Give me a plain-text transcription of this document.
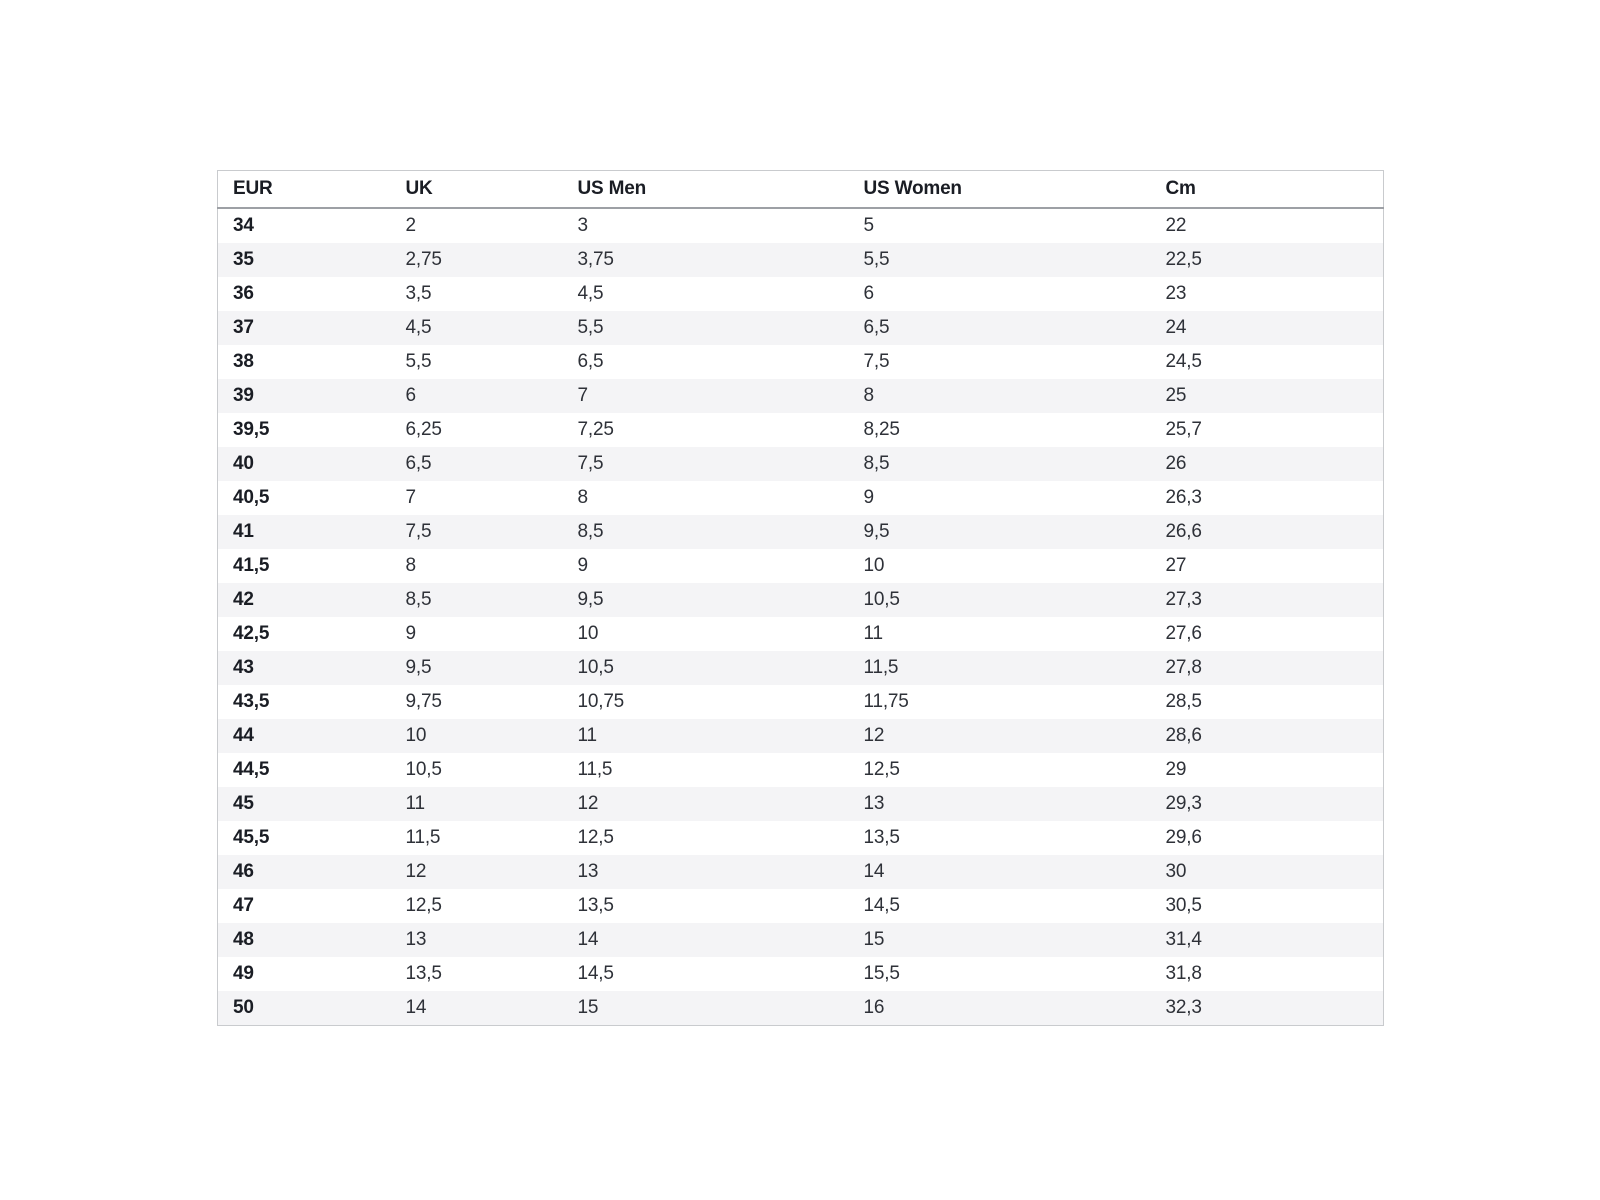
EUR	UK	US Men	US Women	Cm
34	2	3	5	22
35	2,75	3,75	5,5	22,5
36	3,5	4,5	6	23
37	4,5	5,5	6,5	24
38	5,5	6,5	7,5	24,5
39	6	7	8	25
39,5	6,25	7,25	8,25	25,7
40	6,5	7,5	8,5	26
40,5	7	8	9	26,3
41	7,5	8,5	9,5	26,6
41,5	8	9	10	27
42	8,5	9,5	10,5	27,3
42,5	9	10	11	27,6
43	9,5	10,5	11,5	27,8
43,5	9,75	10,75	11,75	28,5
44	10	11	12	28,6
44,5	10,5	11,5	12,5	29
45	11	12	13	29,3
45,5	11,5	12,5	13,5	29,6
46	12	13	14	30
47	12,5	13,5	14,5	30,5
48	13	14	15	31,4
49	13,5	14,5	15,5	31,8
50	14	15	16	32,3
